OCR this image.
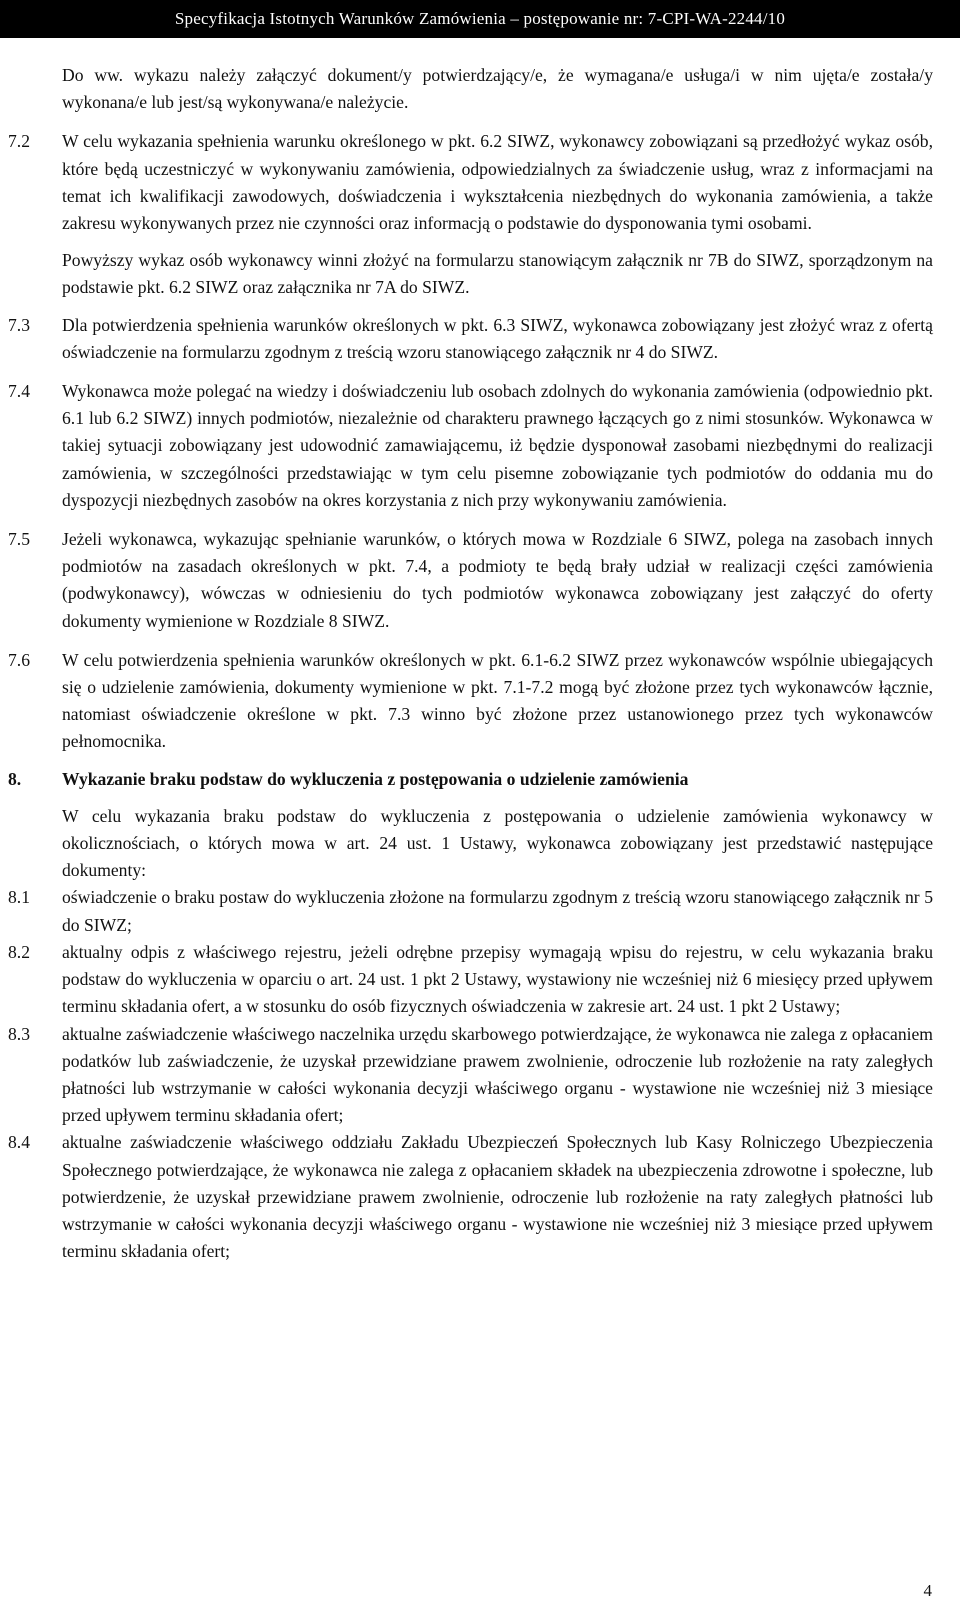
Specyfikacja Istotnych Warunków Zamówienia – postępowanie nr: 7-CPI-WA-2244/10

Do ww. wykazu należy załączyć dokument/y potwierdzający/e, że wymagana/e usługa/i w nim ujęta/e została/y wykonana/e lub jest/są wykonywana/e należycie.

7.2 W celu wykazania spełnienia warunku określonego w pkt. 6.2 SIWZ, wykonawcy zobowiązani są przedłożyć wykaz osób, które będą uczestniczyć w wykonywaniu zamówienia, odpowiedzialnych za świadczenie usług, wraz z informacjami na temat ich kwalifikacji zawodowych, doświadczenia i wykształcenia niezbędnych do wykonania zamówienia, a także zakresu wykonywanych przez nie czynności oraz informacją o podstawie do dysponowania tymi osobami.

Powyższy wykaz osób wykonawcy winni złożyć na formularzu stanowiącym załącznik nr 7B do SIWZ, sporządzonym na podstawie pkt. 6.2 SIWZ oraz załącznika nr 7A do SIWZ.

7.3 Dla potwierdzenia spełnienia warunków określonych w pkt. 6.3 SIWZ, wykonawca zobowiązany jest złożyć wraz z ofertą oświadczenie na formularzu zgodnym z treścią wzoru stanowiącego załącznik nr 4 do SIWZ.

7.4 Wykonawca może polegać na wiedzy i doświadczeniu lub osobach zdolnych do wykonania zamówienia (odpowiednio pkt. 6.1 lub 6.2 SIWZ) innych podmiotów, niezależnie od charakteru prawnego łączących go z nimi stosunków. Wykonawca w takiej sytuacji zobowiązany jest udowodnić zamawiającemu, iż będzie dysponował zasobami niezbędnymi do realizacji zamówienia, w szczególności przedstawiając w tym celu pisemne zobowiązanie tych podmiotów do oddania mu do dyspozycji niezbędnych zasobów na okres korzystania z nich przy wykonywaniu zamówienia.

7.5 Jeżeli wykonawca, wykazując spełnianie warunków, o których mowa w Rozdziale 6 SIWZ, polega na zasobach innych podmiotów na zasadach określonych w pkt. 7.4, a podmioty te będą brały udział w realizacji części zamówienia (podwykonawcy), wówczas w odniesieniu do tych podmiotów wykonawca zobowiązany jest załączyć do oferty dokumenty wymienione w Rozdziale 8 SIWZ.

7.6 W celu potwierdzenia spełnienia warunków określonych w pkt. 6.1-6.2 SIWZ przez wykonawców wspólnie ubiegających się o udzielenie zamówienia, dokumenty wymienione w pkt. 7.1-7.2 mogą być złożone przez tych wykonawców łącznie, natomiast oświadczenie określone w pkt. 7.3 winno być złożone przez ustanowionego przez tych wykonawców pełnomocnika.

8. Wykazanie braku podstaw do wykluczenia z postępowania o udzielenie zamówienia

W celu wykazania braku podstaw do wykluczenia z postępowania o udzielenie zamówienia wykonawcy w okolicznościach, o których mowa w art. 24 ust. 1 Ustawy, wykonawca zobowiązany jest przedstawić następujące dokumenty:

8.1 oświadczenie o braku postaw do wykluczenia złożone na formularzu zgodnym z treścią wzoru stanowiącego załącznik nr 5 do SIWZ;

8.2 aktualny odpis z właściwego rejestru, jeżeli odrębne przepisy wymagają wpisu do rejestru, w celu wykazania braku podstaw do wykluczenia w oparciu o art. 24 ust. 1 pkt 2 Ustawy, wystawiony nie wcześniej niż 6 miesięcy przed upływem terminu składania ofert, a w stosunku do osób fizycznych oświadczenia w zakresie art. 24 ust. 1 pkt 2 Ustawy;

8.3 aktualne zaświadczenie właściwego naczelnika urzędu skarbowego potwierdzające, że wykonawca nie zalega z opłacaniem podatków lub zaświadczenie, że uzyskał przewidziane prawem zwolnienie, odroczenie lub rozłożenie na raty zaległych płatności lub wstrzymanie w całości wykonania decyzji właściwego organu - wystawione nie wcześniej niż 3 miesiące przed upływem terminu składania ofert;

8.4 aktualne zaświadczenie właściwego oddziału Zakładu Ubezpieczeń Społecznych lub Kasy Rolniczego Ubezpieczenia Społecznego potwierdzające, że wykonawca nie zalega z opłacaniem składek na ubezpieczenia zdrowotne i społeczne, lub potwierdzenie, że uzyskał przewidziane prawem zwolnienie, odroczenie lub rozłożenie na raty zaległych płatności lub wstrzymanie w całości wykonania decyzji właściwego organu - wystawione nie wcześniej niż 3 miesiące przed upływem terminu składania ofert;

4
